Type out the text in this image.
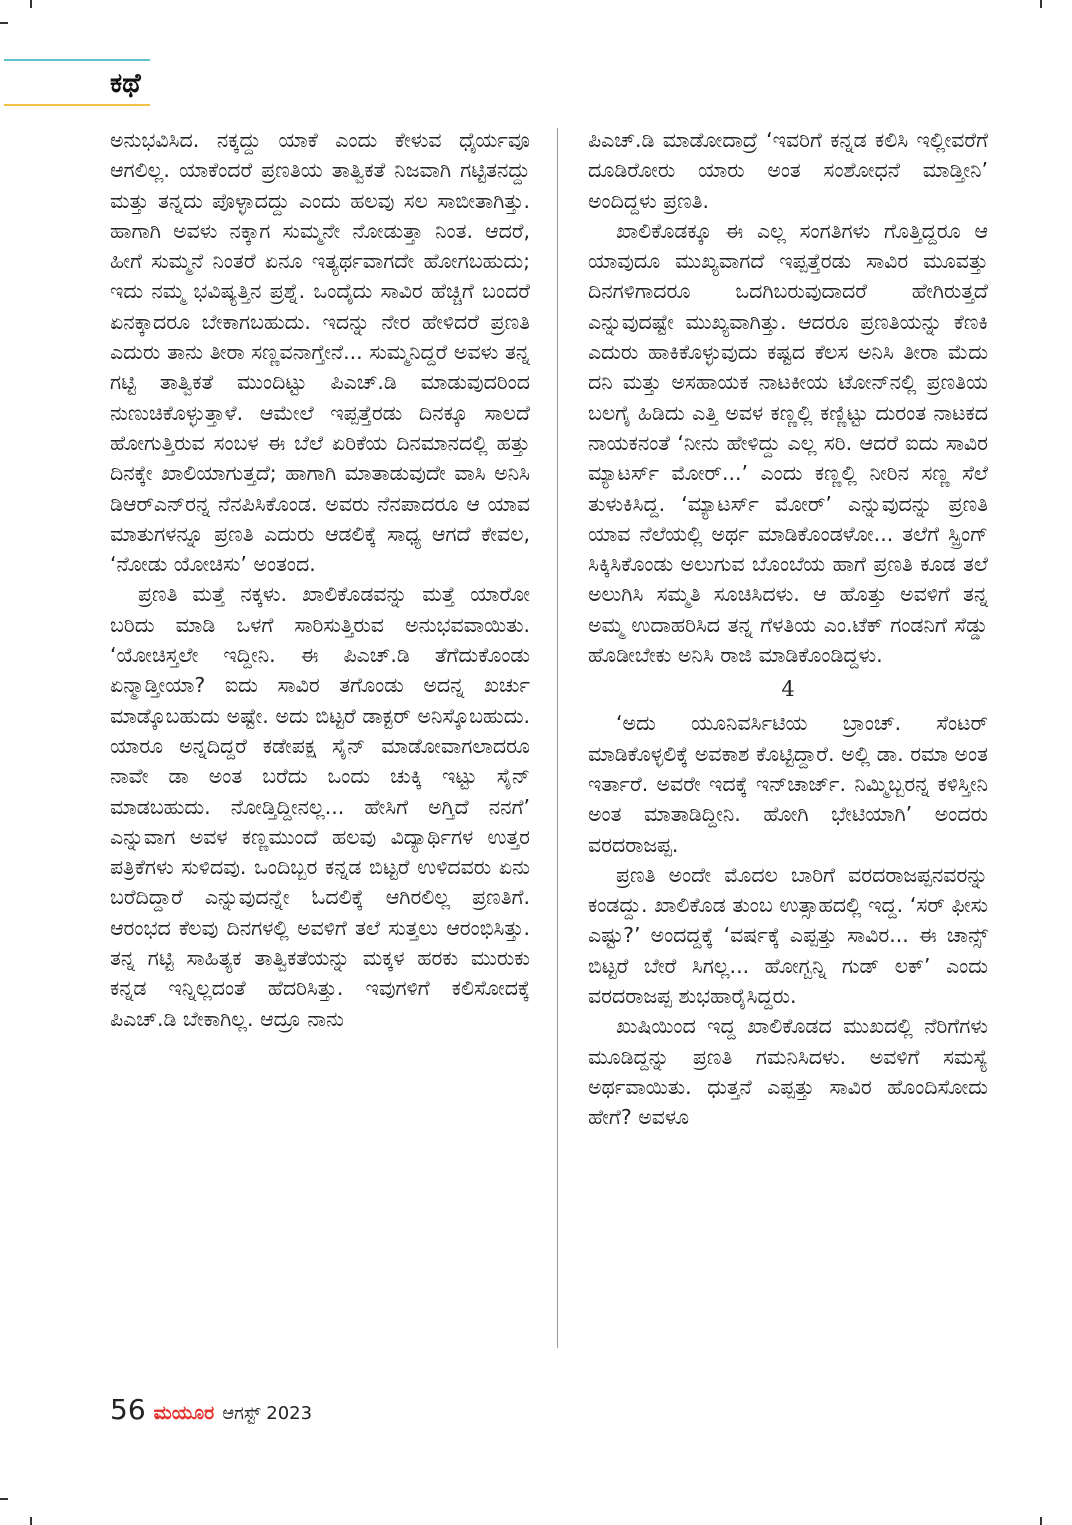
ಕಥೆ

ಅನುಭವಿಸಿದ. ನಕ್ಕದ್ದು ಯಾಕೆ ಎಂದು ಕೇಳುವ ಧೈರ್ಯವೂ ಆಗಲಿಲ್ಲ. ಯಾಕೆಂದರೆ ಪ್ರಣತಿಯ ತಾತ್ವಿಕತೆ ನಿಜವಾಗಿ ಗಟ್ಟಿತನದ್ದು ಮತ್ತು ತನ್ನದು ಪೊಳ್ಳಾದದ್ದು ಎಂದು ಹಲವು ಸಲ ಸಾಬೀತಾಗಿತ್ತು. ಹಾಗಾಗಿ ಅವಳು ನಕ್ಕಾಗ ಸುಮ್ಮನೇ ನೋಡುತ್ತಾ ನಿಂತ. ಆದರೆ, ಹೀಗೆ ಸುಮ್ಮನೆ ನಿಂತರೆ ಏನೂ ಇತ್ಯರ್ಥವಾಗದೇ ಹೋಗಬಹುದು; ಇದು ನಮ್ಮ ಭವಿಷ್ಯತ್ತಿನ ಪ್ರಶ್ನೆ. ಒಂದೈದು ಸಾವಿರ ಹೆಚ್ಚಿಗೆ ಬಂದರೆ ಏನಕ್ಕಾದರೂ ಬೇಕಾಗಬಹುದು. ಇದನ್ನು ನೇರ ಹೇಳಿದರೆ ಪ್ರಣತಿ ಎದುರು ತಾನು ತೀರಾ ಸಣ್ಣವನಾಗ್ತೇನೆ... ಸುಮ್ಮನಿದ್ದರೆ ಅವಳು ತನ್ನ ಗಟ್ಟಿ ತಾತ್ವಿಕತೆ ಮುಂದಿಟ್ಟು ಪಿಎಚ್.ಡಿ ಮಾಡುವುದರಿಂದ ನುಣುಚಿಕೊಳ್ಳುತ್ತಾಳೆ. ಆಮೇಲೆ ಇಪ್ಪತ್ತೆರಡು ದಿನಕ್ಕೂ ಸಾಲದೆ ಹೋಗುತ್ತಿರುವ ಸಂಬಳ ಈ ಬೆಲೆ ಏರಿಕೆಯ ದಿನಮಾನದಲ್ಲಿ ಹತ್ತು ದಿನಕ್ಕೇ ಖಾಲಿಯಾಗುತ್ತದೆ; ಹಾಗಾಗಿ ಮಾತಾಡುವುದೇ ವಾಸಿ ಅನಿಸಿ ಡಿಆರ್‌ಎನ್‌ರನ್ನ ನೆನಪಿಸಿಕೊಂಡ. ಅವರು ನೆನಪಾದರೂ ಆ ಯಾವ ಮಾತುಗಳನ್ನೂ ಪ್ರಣತಿ ಎದುರು ಆಡಲಿಕ್ಕೆ ಸಾಧ್ಯ ಆಗದೆ ಕೇವಲ, ‘ನೋಡು ಯೋಚಿಸು’ ಅಂತಂದ.

ಪ್ರಣತಿ ಮತ್ತೆ ನಕ್ಕಳು. ಖಾಲಿಕೊಡವನ್ನು ಮತ್ತೆ ಯಾರೋ ಬರಿದು ಮಾಡಿ ಒಳಗೆ ಸಾರಿಸುತ್ತಿರುವ ಅನುಭವವಾಯಿತು. ‘ಯೋಚಿಸ್ತಲೇ ಇದ್ದೀನಿ. ಈ ಪಿಎಚ್.ಡಿ ತೆಗೆದುಕೊಂಡು ಏನ್ಮಾಡ್ತೀಯಾ? ಐದು ಸಾವಿರ ತಗೊಂಡು ಅದನ್ನ ಖರ್ಚು ಮಾಡ್ಕೊಬಹುದು ಅಷ್ಟೇ. ಅದು ಬಿಟ್ಟರೆ ಡಾಕ್ಟರ್ ಅನಿಸ್ಕೊಬಹುದು. ಯಾರೂ ಅನ್ನದಿದ್ದರೆ ಕಡೇಪಕ್ಷ ಸೈನ್ ಮಾಡೋವಾಗಲಾದರೂ ನಾವೇ ಡಾ ಅಂತ ಬರೆದು ಒಂದು ಚುಕ್ಕಿ ಇಟ್ಟು ಸೈನ್ ಮಾಡಬಹುದು. ನೋಡ್ತಿದ್ದೀನಲ್ಲ... ಹೇಸಿಗೆ ಅಗ್ತಿದೆ ನನಗೆ’ ಎನ್ನುವಾಗ ಅವಳ ಕಣ್ಣಮುಂದೆ ಹಲವು ವಿದ್ಯಾರ್ಥಿಗಳ ಉತ್ತರ ಪತ್ರಿಕೆಗಳು ಸುಳಿದವು. ಒಂದಿಬ್ಬರ ಕನ್ನಡ ಬಿಟ್ಟರೆ ಉಳಿದವರು ಏನು ಬರೆದಿದ್ದಾರೆ ಎನ್ನುವುದನ್ನೇ ಓದಲಿಕ್ಕೆ ಆಗಿರಲಿಲ್ಲ ಪ್ರಣತಿಗೆ. ಆರಂಭದ ಕೆಲವು ದಿನಗಳಲ್ಲಿ ಅವಳಿಗೆ ತಲೆ ಸುತ್ತಲು ಆರಂಭಿಸಿತ್ತು. ತನ್ನ ಗಟ್ಟಿ ಸಾಹಿತ್ಯಕ ತಾತ್ವಿಕತೆಯನ್ನು ಮಕ್ಕಳ ಹರಕು ಮುರುಕು ಕನ್ನಡ ಇನ್ನಿಲ್ಲದಂತೆ ಹೆದರಿಸಿತ್ತು. ಇವುಗಳಿಗೆ ಕಲಿಸೋದಕ್ಕೆ ಪಿಎಚ್.ಡಿ ಬೇಕಾಗಿಲ್ಲ. ಆದ್ರೂ ನಾನು

ಪಿಎಚ್.ಡಿ ಮಾಡೋದಾದ್ರೆ ‘ಇವರಿಗೆ ಕನ್ನಡ ಕಲಿಸಿ ಇಲ್ಲೀವರೆಗೆ ದೂಡಿರೋರು ಯಾರು ಅಂತ ಸಂಶೋಧನೆ ಮಾಡ್ತೀನಿ’ ಅಂದಿದ್ದಳು ಪ್ರಣತಿ.

ಖಾಲಿಕೊಡಕ್ಕೂ ಈ ಎಲ್ಲ ಸಂಗತಿಗಳು ಗೊತ್ತಿದ್ದರೂ ಆ ಯಾವುದೂ ಮುಖ್ಯವಾಗದೆ ಇಪ್ಪತ್ತೆರಡು ಸಾವಿರ ಮೂವತ್ತು ದಿನಗಳಿಗಾದರೂ ಒದಗಿಬರುವುದಾದರೆ ಹೇಗಿರುತ್ತದೆ ಎನ್ನುವುದಷ್ಟೇ ಮುಖ್ಯವಾಗಿತ್ತು. ಆದರೂ ಪ್ರಣತಿಯನ್ನು ಕೆಣಕಿ ಎದುರು ಹಾಕಿಕೊಳ್ಳುವುದು ಕಷ್ಟದ ಕೆಲಸ ಅನಿಸಿ ತೀರಾ ಮೆದು ದನಿ ಮತ್ತು ಅಸಹಾಯಕ ನಾಟಕೀಯ ಟೋನ್‌ನಲ್ಲಿ ಪ್ರಣತಿಯ ಬಲಗೈ ಹಿಡಿದು ಎತ್ತಿ ಅವಳ ಕಣ್ಣಲ್ಲಿ ಕಣ್ಣಿಟ್ಟು ದುರಂತ ನಾಟಕದ ನಾಯಕನಂತೆ ‘ನೀನು ಹೇಳಿದ್ದು ಎಲ್ಲ ಸರಿ. ಆದರೆ ಐದು ಸಾವಿರ ಮ್ಯಾಟರ್ಸ್ ಮೋರ್...’ ಎಂದು ಕಣ್ಣಲ್ಲಿ ನೀರಿನ ಸಣ್ಣ ಸೆಲೆ ತುಳುಕಿಸಿದ್ದ. ‘ಮ್ಯಾಟರ್ಸ್ ಮೋರ್’ ಎನ್ನುವುದನ್ನು ಪ್ರಣತಿ ಯಾವ ನೆಲೆಯಲ್ಲಿ ಅರ್ಥ ಮಾಡಿಕೊಂಡಳೋ... ತಲೆಗೆ ಸ್ಪ್ರಿಂಗ್ ಸಿಕ್ಕಿಸಿಕೊಂಡು ಅಲುಗುವ ಬೊಂಬೆಯ ಹಾಗೆ ಪ್ರಣತಿ ಕೂಡ ತಲೆ ಅಲುಗಿಸಿ ಸಮ್ಮತಿ ಸೂಚಿಸಿದಳು. ಆ ಹೊತ್ತು ಅವಳಿಗೆ ತನ್ನ ಅಮ್ಮ ಉದಾಹರಿಸಿದ ತನ್ನ ಗೆಳತಿಯ ಎಂ.ಟೆಕ್ ಗಂಡನಿಗೆ ಸೆಡ್ಡು ಹೊಡೀಬೇಕು ಅನಿಸಿ ರಾಜಿ ಮಾಡಿಕೊಂಡಿದ್ದಳು.

4

‘ಅದು ಯೂನಿವರ್ಸಿಟಿಯ ಬ್ರಾಂಚ್. ಸೆಂಟರ್ ಮಾಡಿಕೊಳ್ಳಲಿಕ್ಕೆ ಅವಕಾಶ ಕೊಟ್ಟಿದ್ದಾರೆ. ಅಲ್ಲಿ ಡಾ. ರಮಾ ಅಂತ ಇರ್ತಾರೆ. ಅವರೇ ಇದಕ್ಕೆ ಇನ್‌ಚಾರ್ಜ್. ನಿಮ್ಮಿಬ್ಬರನ್ನ ಕಳಿಸ್ತೀನಿ ಅಂತ ಮಾತಾಡಿದ್ದೀನಿ. ಹೋಗಿ ಭೇಟಿಯಾಗಿ’ ಅಂದರು ವರದರಾಜಪ್ಪ.

ಪ್ರಣತಿ ಅಂದೇ ಮೊದಲ ಬಾರಿಗೆ ವರದರಾಜಪ್ಪನವರನ್ನು ಕಂಡದ್ದು. ಖಾಲಿಕೊಡ ತುಂಬ ಉತ್ಸಾಹದಲ್ಲಿ ಇದ್ದ. ‘ಸರ್ ಫೀಸು ಎಷ್ಟು?’ ಅಂದದ್ದಕ್ಕೆ ‘ವರ್ಷಕ್ಕೆ ಎಪ್ಪತ್ತು ಸಾವಿರ... ಈ ಚಾನ್ಸ್ ಬಿಟ್ಟರೆ ಬೇರೆ ಸಿಗಲ್ಲ... ಹೋಗ್ಬನ್ನಿ ಗುಡ್ ಲಕ್’ ಎಂದು ವರದರಾಜಪ್ಪ ಶುಭಹಾರೈಸಿದ್ದರು.

ಖುಷಿಯಿಂದ ಇದ್ದ ಖಾಲಿಕೊಡದ ಮುಖದಲ್ಲಿ ನೆರಿಗೆಗಳು ಮೂಡಿದ್ದನ್ನು ಪ್ರಣತಿ ಗಮನಿಸಿದಳು. ಅವಳಿಗೆ ಸಮಸ್ಯೆ ಅರ್ಥವಾಯಿತು. ಧುತ್ತನೆ ಎಪ್ಪತ್ತು ಸಾವಿರ ಹೊಂದಿಸೋದು ಹೇಗೆ? ಅವಳೂ

56 ಮಯೂರ ಆಗಸ್ಟ್ 2023
